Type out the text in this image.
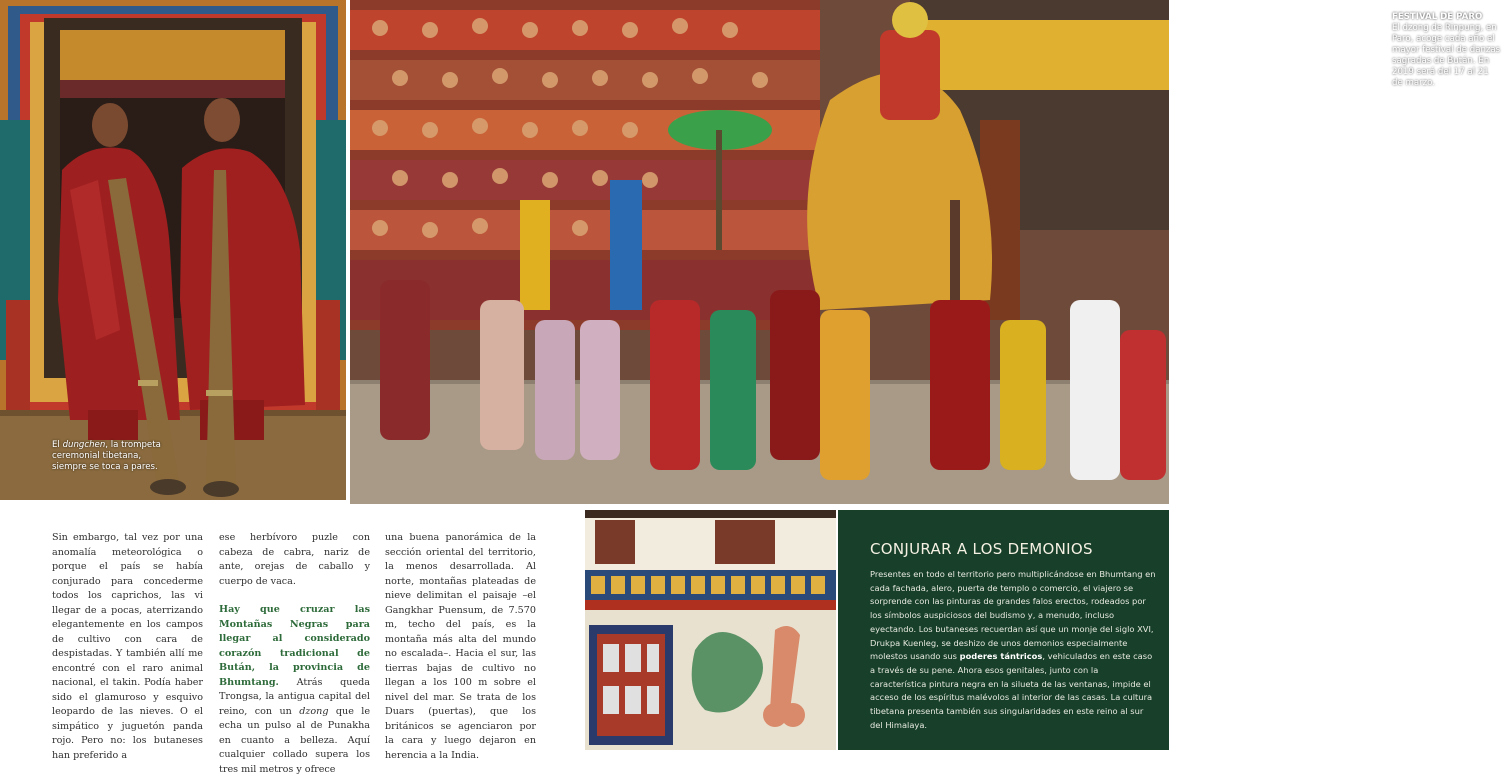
El dungchen, la trompeta ceremonial tibetana, siempre se toca a pares.
FESTIVAL DE PARO
El dzong de Rinpung, en Paro, acoge cada año el mayor festival de danzas sagradas de Bután. En 2019 será del 17 al 21 de marzo.

Sin embargo, tal vez por una anomalía meteorológica o porque el país se había conjurado para concederme todos los caprichos, las vi llegar de a pocas, aterrizando elegantemente en los campos de cultivo con cara de despistadas. Y también allí me encontré con el raro animal nacional, el takin. Podía haber sido el glamuroso y esquivo leopardo de las nieves. O el simpático y juguetón panda rojo. Pero no: los butaneses han preferido a

ese herbívoro puzle con cabeza de cabra, nariz de ante, orejas de caballo y cuerpo de vaca.

Hay que cruzar las Montañas Negras para llegar al considerado corazón tradicional de Bután, la provincia de Bhumtang. Atrás queda Trongsa, la antigua capital del reino, con un dzong que le echa un pulso al de Punakha en cuanto a belleza. Aquí cualquier collado supera los tres mil metros y ofrece

una buena panorámica de la sección oriental del territorio, la menos desarrollada. Al norte, montañas plateadas de nieve delimitan el paisaje –el Gangkhar Puensum, de 7.570 m, techo del país, es la montaña más alta del mundo no escalada–. Hacia el sur, las tierras bajas de cultivo no llegan a los 100 m sobre el nivel del mar. Se trata de los Duars (puertas), que los británicos se agenciaron por la cara y luego dejaron en herencia a la India.

CONJURAR A LOS DEMONIOS
Presentes en todo el territorio pero multiplicándose en Bhumtang en cada fachada, alero, puerta de templo o comercio, el viajero se sorprende con las pinturas de grandes falos erectos, rodeados por los símbolos auspiciosos del budismo y, a menudo, incluso eyectando. Los butaneses recuerdan así que un monje del siglo XVI, Drukpa Kuenleg, se deshizo de unos demonios especialmente molestos usando sus poderes tántricos, vehiculados en este caso a través de su pene. Ahora esos genitales, junto con la característica pintura negra en la silueta de las ventanas, impide el acceso de los espíritus malévolos al interior de las casas. La cultura tibetana presenta también sus singularidades en este reino al sur del Himalaya.
